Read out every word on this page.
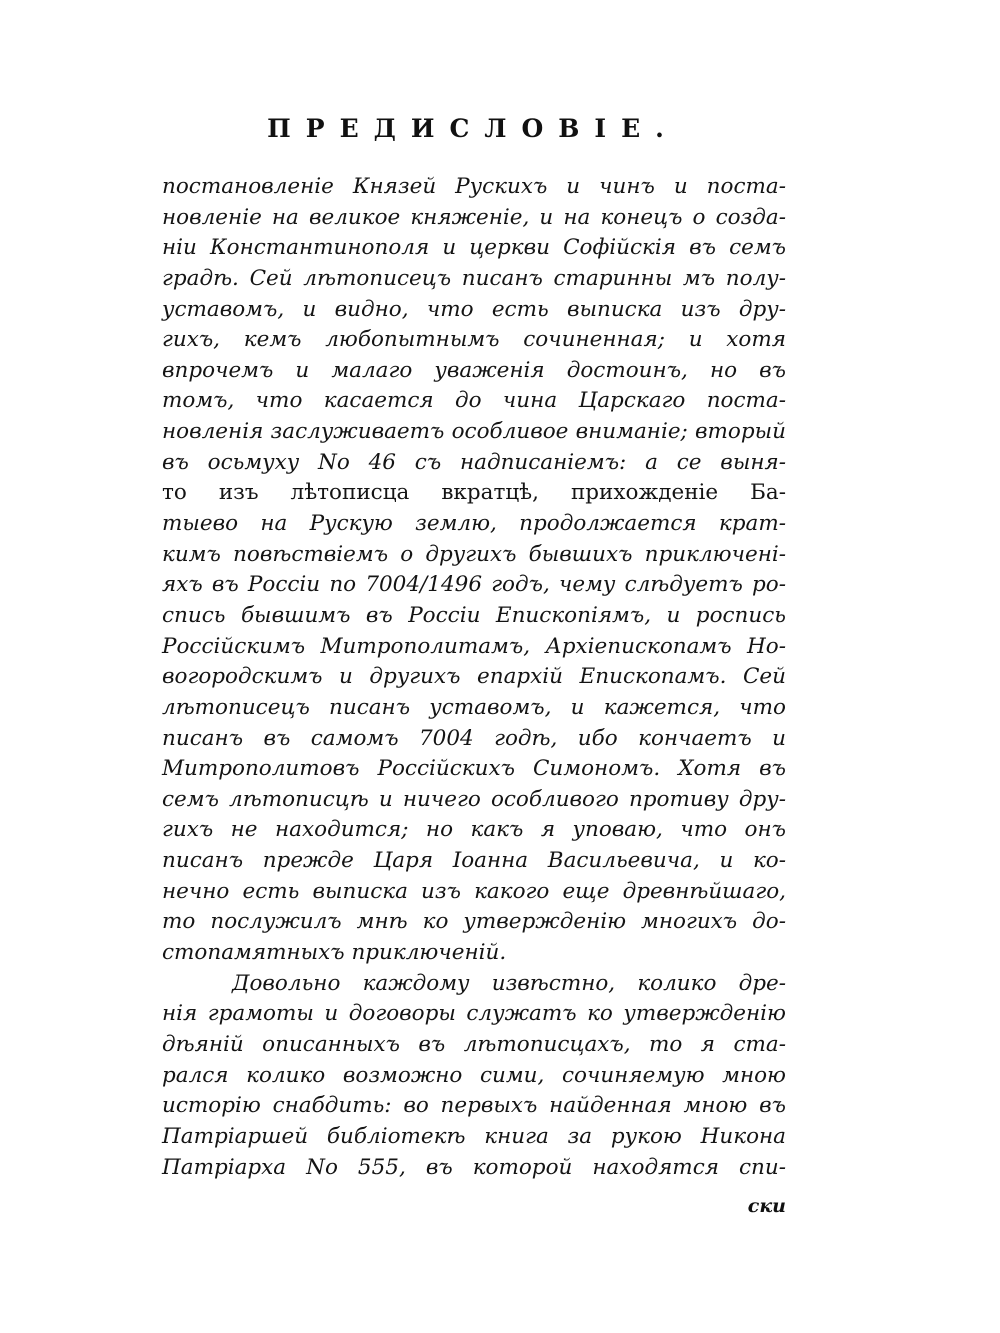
ПРЕДИСЛОВІЕ.
постановленіе Князей Рускихъ и чинъ и поста-
новленіе на великое княженіе, и на конецъ о созда-
ніи Константинополя и церкви Софійскія въ семъ
градѣ. Сей лѣтописецъ писанъ старинны мъ полу-
уставомъ, и видно, что есть выписка изъ дру-
гихъ, кемъ любопытнымъ сочиненная; и хотя
впрочемъ и малаго уваженія достоинъ, но въ
томъ, что касается до чина Царскаго поста-
новленія заслуживаетъ особливое вниманіе; вторый
въ осьмуху No 46 съ надписаніемъ: а се выня-
то изъ лѣтописца вкратцѣ, прихожденіе Ба-
тыево на Рускую землю, продолжается крат-
кимъ повѣствіемъ о другихъ бывшихъ приключені-
яхъ въ Россіи по 7004/1496 годъ, чему слѣдуетъ ро-
спись бывшимъ въ Россіи Епископіямъ, и роспись
Россійскимъ Митрополитамъ, Архіепископамъ Но-
вогородскимъ и другихъ епархій Епископамъ. Сей
лѣтописецъ писанъ уставомъ, и кажется, что
писанъ въ самомъ 7004 годѣ, ибо кончаетъ и
Митрополитовъ Россійскихъ Симономъ. Хотя въ
семъ лѣтописцѣ и ничего особливого противу дру-
гихъ не находится; но какъ я уповаю, что онъ
писанъ прежде Царя Іоанна Васильевича, и ко-
нечно есть выписка изъ какого еще древнѣйшаго,
то послужилъ мнѣ ко утвержденію многихъ до-
стопамятныхъ приключеній.
Довольно каждому извѣстно, колико дре-
нія грамоты и договоры служатъ ко утвержденію
дѣяній описанныхъ въ лѣтописцахъ, то я ста-
рался колико возможно сими, сочиняемую мною
исторію снабдить: во первыхъ найденная мною въ
Патріаршей библіотекѣ книга за рукою Никона
Патріарха No 555, въ которой находятся спи-
ски
